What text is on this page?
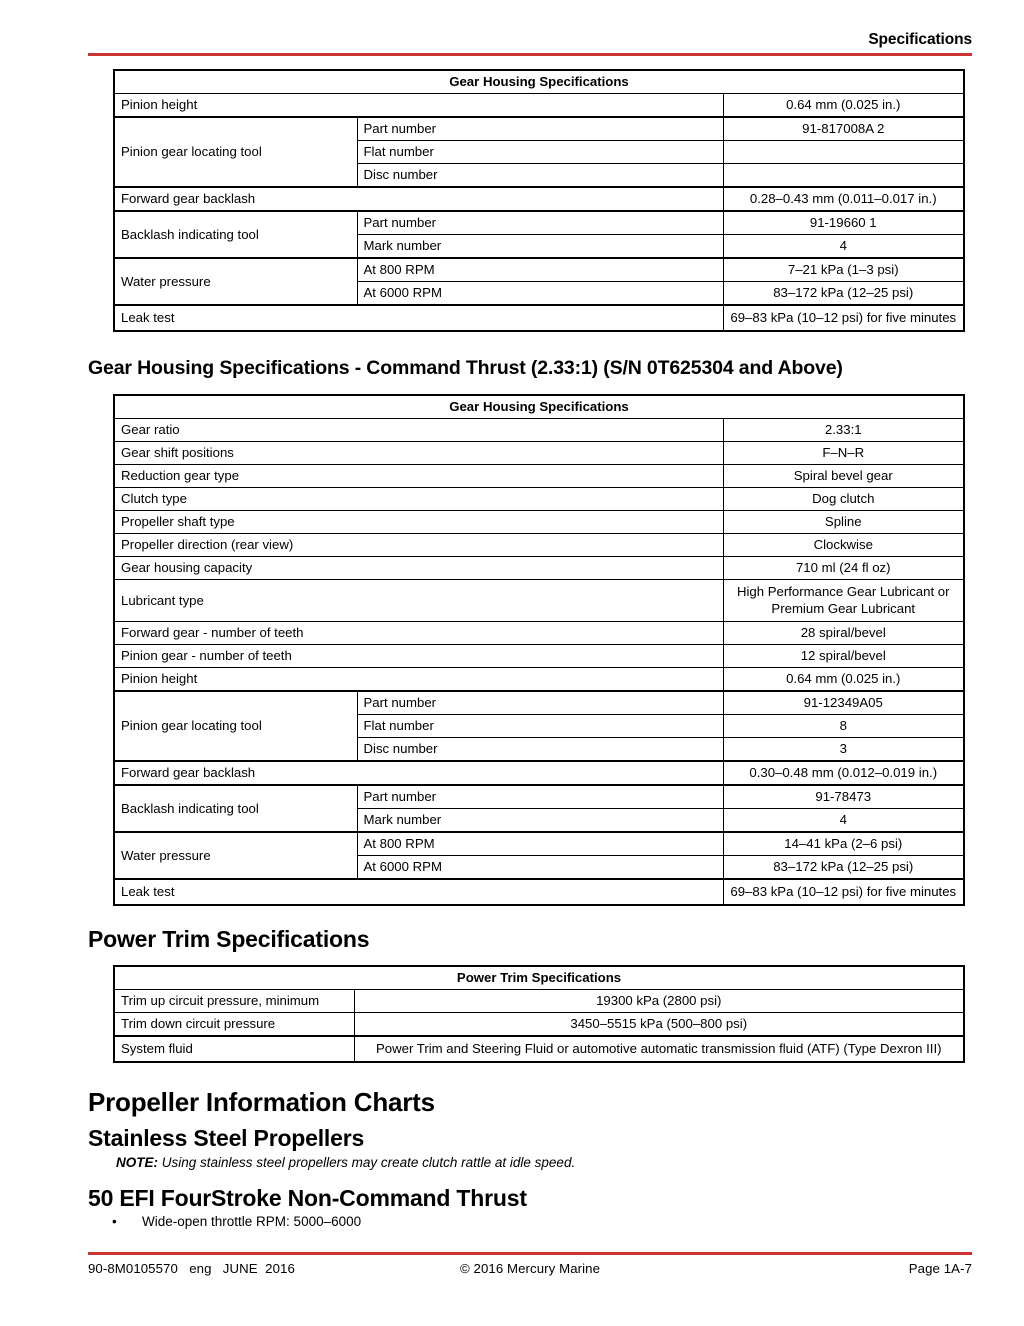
Specifications
Gear Housing Specifications		
Pinion height		0.64 mm (0.025 in.)
Pinion gear locating tool	Part number	91-817008A 2
	Flat number	
	Disc number	
Forward gear backlash		0.28–0.43 mm (0.011–0.017 in.)
Backlash indicating tool	Part number	91-19660 1
	Mark number	4
Water pressure	At 800 RPM	7–21 kPa (1–3 psi)
	At 6000 RPM	83–172 kPa (12–25 psi)
Leak test		69–83 kPa (10–12 psi) for five minutes
Gear Housing Specifications - Command Thrust (2.33:1) (S/N 0T625304 and Above)
Gear Housing Specifications		
Gear ratio		2.33:1
Gear shift positions		F–N–R
Reduction gear type		Spiral bevel gear
Clutch type		Dog clutch
Propeller shaft type		Spline
Propeller direction (rear view)		Clockwise
Gear housing capacity		710 ml (24 fl oz)
Lubricant type		High Performance Gear Lubricant or Premium Gear Lubricant
Forward gear - number of teeth		28 spiral/bevel
Pinion gear - number of teeth		12 spiral/bevel
Pinion height		0.64 mm (0.025 in.)
Pinion gear locating tool	Part number	91-12349A05
	Flat number	8
	Disc number	3
Forward gear backlash		0.30–0.48 mm (0.012–0.019 in.)
Backlash indicating tool	Part number	91-78473
	Mark number	4
Water pressure	At 800 RPM	14–41 kPa (2–6 psi)
	At 6000 RPM	83–172 kPa (12–25 psi)
Leak test		69–83 kPa (10–12 psi) for five minutes
Power Trim Specifications
Power Trim Specifications	
Trim up circuit pressure, minimum	19300 kPa (2800 psi)
Trim down circuit pressure	3450–5515 kPa (500–800 psi)
System fluid	Power Trim and Steering Fluid or automotive automatic transmission fluid (ATF) (Type Dexron III)
Propeller Information Charts
Stainless Steel Propellers
NOTE: Using stainless steel propellers may create clutch rattle at idle speed.
50 EFI FourStroke Non-Command Thrust
•	Wide-open throttle RPM: 5000–6000
90-8M0105570   eng   JUNE  2016	© 2016 Mercury Marine	Page 1A-7
